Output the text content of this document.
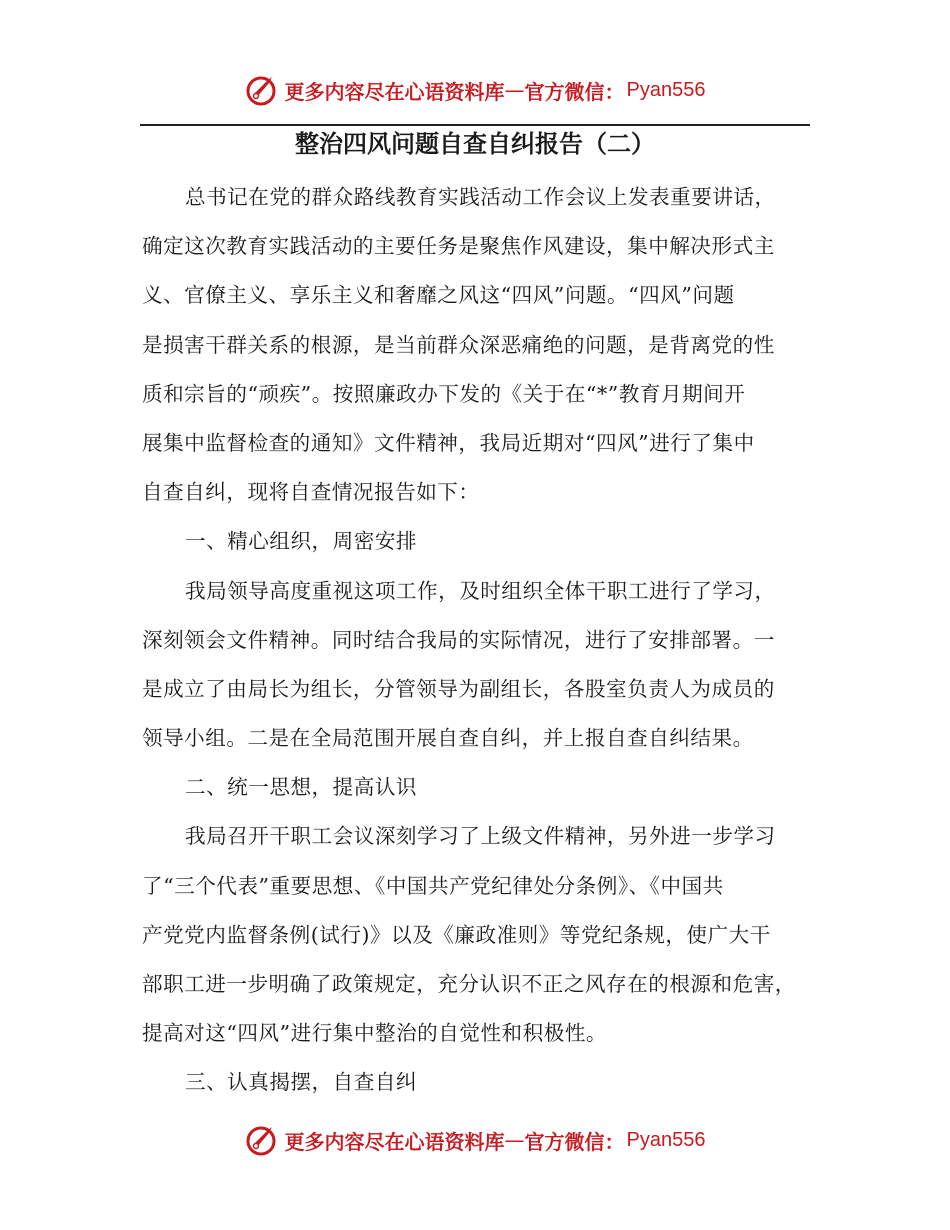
更多内容尽在心语资料库 — 官方微信： Pyan556
整治四风问题自查自纠报告（二）
总书记在党的群众路线教育实践活动工作会议上发表重要讲话，
确定这次教育实践活动的主要任务是聚焦作风建设，集中解决形式主
义、官僚主义、享乐主义和奢靡之风这“四风”问题。“四风”问题
是损害干群关系的根源，是当前群众深恶痛绝的问题，是背离党的性
质和宗旨的“顽疾”。按照廉政办下发的《关于在“*”教育月期间开
展集中监督检查的通知》文件精神，我局近期对“四风”进行了集中
自查自纠，现将自查情况报告如下：
一、精心组织，周密安排
我局领导高度重视这项工作，及时组织全体干职工进行了学习，
深刻领会文件精神。同时结合我局的实际情况，进行了安排部署。一
是成立了由局长为组长，分管领导为副组长，各股室负责人为成员的
领导小组。二是在全局范围开展自查自纠，并上报自查自纠结果。
二、统一思想，提高认识
我局召开干职工会议深刻学习了上级文件精神，另外进一步学习
了“三个代表”重要思想、《中国共产党纪律处分条例》、《中国共
产党党内监督条例(试行)》以及《廉政准则》等党纪条规，使广大干
部职工进一步明确了政策规定，充分认识不正之风存在的根源和危害，
提高对这“四风”进行集中整治的自觉性和积极性。
三、认真揭摆，自查自纠
更多内容尽在心语资料库 — 官方微信： Pyan556
